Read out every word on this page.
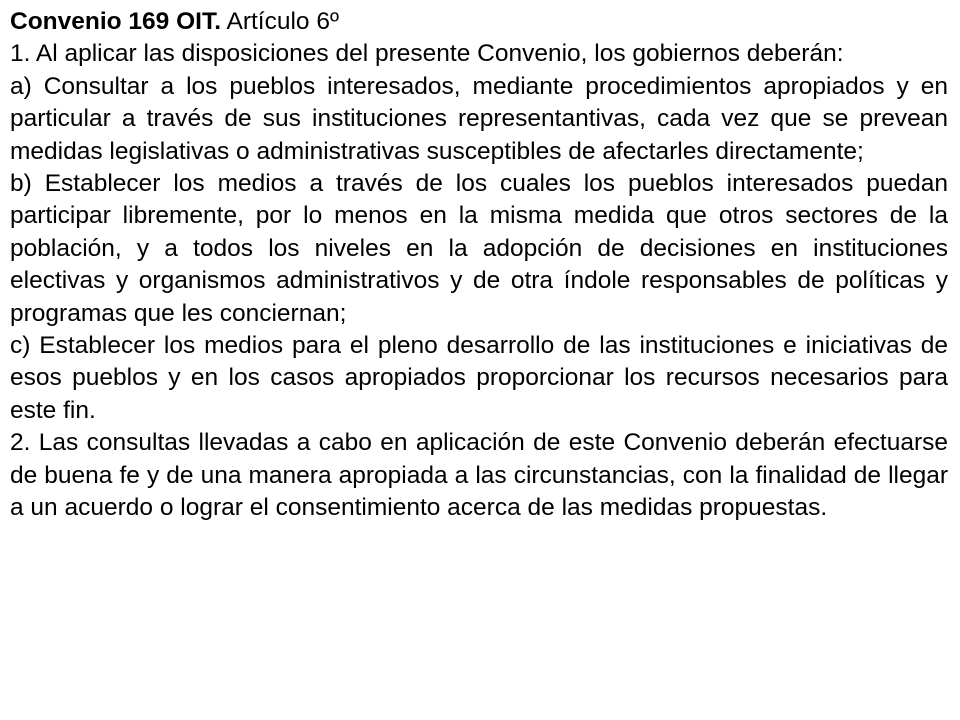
Convenio 169 OIT. Artículo 6º

1. Al aplicar las disposiciones del presente Convenio, los gobiernos deberán:

a) Consultar a los pueblos interesados, mediante procedimientos apropiados y en particular a través de sus instituciones representantivas, cada vez que se prevean medidas legislativas o administrativas susceptibles de afectarles directamente;

b) Establecer los medios a través de los cuales los pueblos interesados puedan participar libremente, por lo menos en la misma medida que otros sectores de la población, y a todos los niveles en la adopción de decisiones en instituciones electivas y organismos administrativos y de otra índole responsables de políticas y programas que les conciernan;

c) Establecer los medios para el pleno desarrollo de las instituciones e iniciativas de esos pueblos y en los casos apropiados proporcionar los recursos necesarios para este fin.

2. Las consultas llevadas a cabo en aplicación de este Convenio deberán efectuarse de buena fe y de una manera apropiada a las circunstancias, con la finalidad de llegar a un acuerdo o lograr el consentimiento acerca de las medidas propuestas.
